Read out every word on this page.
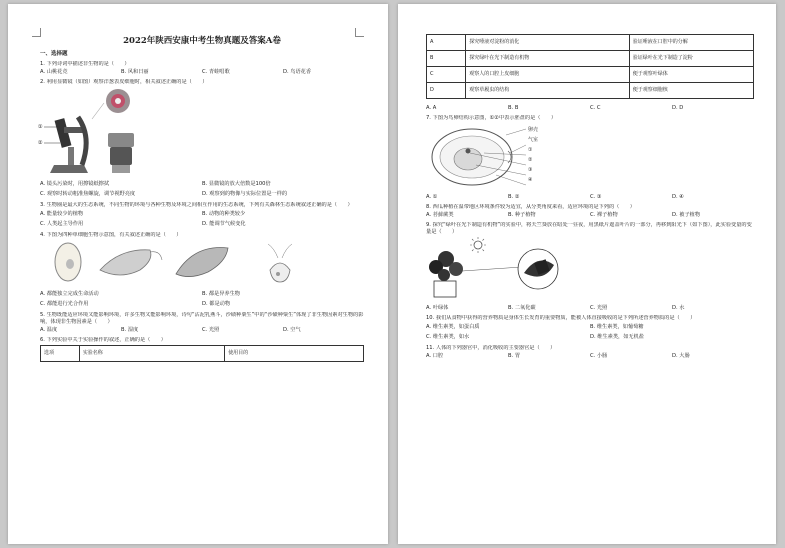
2022年陕西安康中考生物真题及答案A卷
一、选择题
1. 下列诗词中描述非生物的是（　　）
A. 山桃花竞	B. 风和日丽	C. 青蛙唱歌	D. 鸟语花香
2. 利用显微镜（如图）观察洋葱表皮细胞时，相关叙述正确的是（　　）
①
②
A. 镜头污染时，用擦镜纸擦拭	B. 显微镜的放大倍数是100倍
C. 观察时转动粗准焦螺旋，调节视野亮度	D. 观察到的物像与实际位置是一样的
3. 生物圈是最大的生态系统，不同生物的环境与各种生物及环境之间相互作用的生态系统，下列有关森林生态系统叙述正确的是（　　）
A. 能量较少的植物	B. 动物的种类较少
C. 人类起主导作用	D. 能调节气候变化
4. 下图为四种单细胞生物示意图，有关叙述正确的是（　　）
A. 都能独立完成生命活动	B. 都是异养生物
C. 都能进行光合作用	D. 都是动物
5. 生物既能适应环境又能影响环境，许多生物又能影响环境，诗句“沾泥乳燕斗，沙碛种粟生”中的“沙碛种粟生”体现了非生物因素对生物的影响，体现非生物因素是（　　）
A. 温度	B. 湿度	C. 光照	D. 空气
6. 下列实验中关于实验操作的叙述，正确的是（　　）
选项	实验名称	使用目的
A	探究唾液对淀粉的消化	验证唾液在口腔中的分解
B	探究绿叶在光下制造有机物	验证绿叶在光下制造了淀粉
C	观察人的口腔上皮细胞	便于观察叶绿体
D	观察草履虫的结构	便于观察细胞核
A. A	B. B	C. C	D. D
7. 下图为鸟卵结构示意图，①②中表示胚盘的是（　　）
卵壳
气室
①
②
③
④
A. ①	B. ②	C. ③	D. ④
8. 西瓜种植在温带地区环境条件较为适宜，从分类角度来看，适应环境的是下列的（　　）
A. 苔藓蕨类	B. 种子植物	C. 裸子植物	D. 被子植物
9. 探究“绿叶在光下制造有机物”的实验中，将天竺葵放在暗处一昼夜，用黑纸片遮盖叶片的一部分，再移到阳光下（如下图），此实验变量的变量是（　　）
A. 叶绿体	B. 二氧化碳	C. 光照	D. 水
10. 我们从食物中获得的营养物质是身体生长发育的重要物质，能被人体直接吸收的是下列所述营养物质的是（　　）
A. 维生素类，如蛋白质	B. 维生素类，如葡萄糖
C. 维生素类，如水	D. 维生素类，如无机盐
11. 人体的下列器官中，消化吸收的主要器官是（　　）
A. 口腔	B. 胃	C. 小肠	D. 大肠
